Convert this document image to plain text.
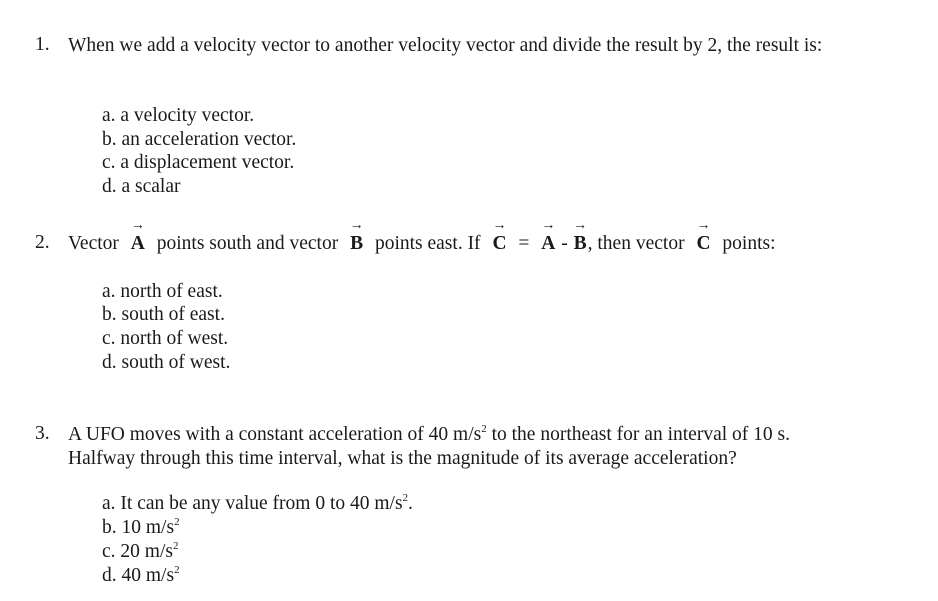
1. When we add a velocity vector to another velocity vector and divide the result by 2, the result is:
a. a velocity vector.
b. an acceleration vector.
c. a displacement vector.
d. a scalar
2. Vector
→
A points south and vector
→
B points east. If
→
C =
→
A -
→
B, then vector
→
C points:
a. north of east.
b. south of east.
c. north of west.
d. south of west.
3. A UFO moves with a constant acceleration of 40 $m/s^2$ to the northeast for an interval of 10 s.
Halfway through this time interval, what is the magnitude of its average acceleration?
a. It can be any value from 0 to 40 $m/s^2$.
b. 10 $m/s^2$
c. 20 $m/s^2$
d. 40 $m/s^2$
